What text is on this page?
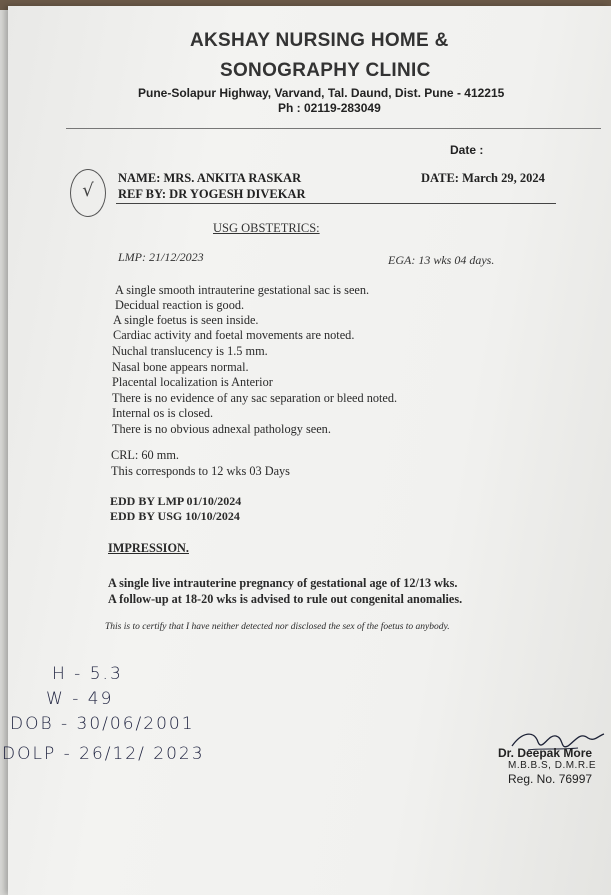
AKSHAY NURSING HOME &
SONOGRAPHY CLINIC
Pune-Solapur Highway, Varvand, Tal. Daund, Dist. Pune - 412215
Ph : 02119-283049
Date :
√
NAME: MRS. ANKITA RASKAR
REF BY: DR YOGESH DIVEKAR
DATE: March 29, 2024
USG OBSTETRICS:
LMP: 21/12/2023	EGA: 13 wks 04 days.
A single smooth intrauterine gestational sac is seen.
Decidual reaction is good.
A single foetus is seen inside.
Cardiac activity and foetal movements are noted.
Nuchal translucency is 1.5 mm.
Nasal bone appears normal.
Placental localization is Anterior
There is no evidence of any sac separation or bleed noted.
Internal os is closed.
There is no obvious adnexal pathology seen.
CRL: 60 mm.
This corresponds to 12 wks 03 Days
EDD BY LMP 01/10/2024
EDD BY USG 10/10/2024
IMPRESSION.
A single live intrauterine pregnancy of gestational age of 12/13 wks.
A follow-up at 18-20 wks is advised to rule out congenital anomalies.
This is to certify that I have neither detected nor disclosed the sex of the foetus to anybody.
H - 5.3
W - 49
DOB - 30/06/2001
DOLP - 26/12/ 2023	Dr. Deepak More
M.B.B.S, D.M.R.E
Reg. No. 76997
